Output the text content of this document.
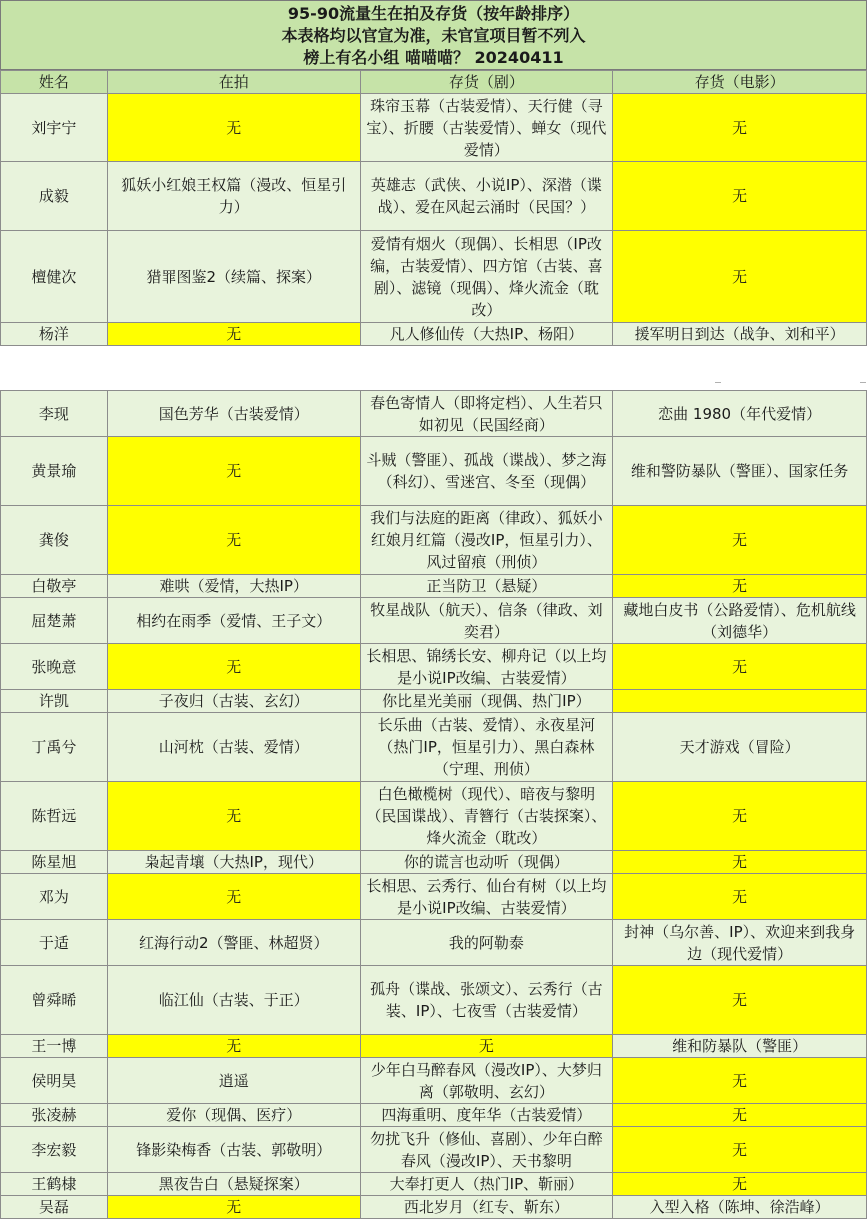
95-90流量生在拍及存货（按年龄排序）
本表格均以官宣为准，未官宣项目暂不列入
榜上有名小组 喵喵喵？ 20240411
姓名	在拍	存货（剧）	存货（电影）
刘宇宁	无	珠帘玉幕（古装爱情）、天行健（寻宝）、折腰（古装爱情）、蝉女（现代爱情）	无
成毅	狐妖小红娘王权篇（漫改、恒星引力）	英雄志（武侠、小说IP）、深潜（谍战）、爱在风起云涌时（民国？）	无
檀健次	猎罪图鉴2（续篇、探案）	爱情有烟火（现偶）、长相思（IP改编，古装爱情）、四方馆（古装、喜剧）、滤镜（现偶）、烽火流金（耽改）	无
杨洋	无	凡人修仙传（大热IP、杨阳）	援军明日到达（战争、刘和平）
李现	国色芳华（古装爱情）	春色寄情人（即将定档）、人生若只如初见（民国经商）	恋曲 1980（年代爱情）
黄景瑜	无	斗贼（警匪）、孤战（谍战）、梦之海（科幻）、雪迷宫、冬至（现偶）	维和警防暴队（警匪）、国家任务
龚俊	无	我们与法庭的距离（律政）、狐妖小红娘月红篇（漫改IP，恒星引力）、风过留痕（刑侦）	无
白敬亭	难哄（爱情，大热IP）	正当防卫（悬疑）	无
屈楚萧	相约在雨季（爱情、王子文）	牧星战队（航天）、信条（律政、刘奕君）	藏地白皮书（公路爱情）、危机航线（刘德华）
张晚意	无	长相思、锦绣长安、柳舟记（以上均是小说IP改编、古装爱情）	无
许凯	子夜归（古装、玄幻）	你比星光美丽（现偶、热门IP）	
丁禹兮	山河枕（古装、爱情）	长乐曲（古装、爱情）、永夜星河（热门IP，恒星引力）、黑白森林（宁理、刑侦）	天才游戏（冒险）
陈哲远	无	白色橄榄树（现代）、暗夜与黎明（民国谍战）、青簪行（古装探案）、烽火流金（耽改）	无
陈星旭	枭起青壤（大热IP，现代）	你的谎言也动听（现偶）	无
邓为	无	长相思、云秀行、仙台有树（以上均是小说IP改编、古装爱情）	无
于适	红海行动2（警匪、林超贤）	我的阿勒泰	封神（乌尔善、IP）、欢迎来到我身边（现代爱情）
曾舜晞	临江仙（古装、于正）	孤舟（谍战、张颂文）、云秀行（古装、IP）、七夜雪（古装爱情）	无
王一博	无	无	维和防暴队（警匪）
侯明昊	逍遥	少年白马醉春风（漫改IP）、大梦归离（郭敬明、玄幻）	无
张凌赫	爱你（现偶、医疗）	四海重明、度年华（古装爱情）	无
李宏毅	锋影染梅香（古装、郭敬明）	勿扰飞升（修仙、喜剧）、少年白醉春风（漫改IP）、天书黎明	无
王鹤棣	黑夜告白（悬疑探案）	大奉打更人（热门IP、靳丽）	无
吴磊	无	西北岁月（红专、靳东）	入型入格（陈坤、徐浩峰）
